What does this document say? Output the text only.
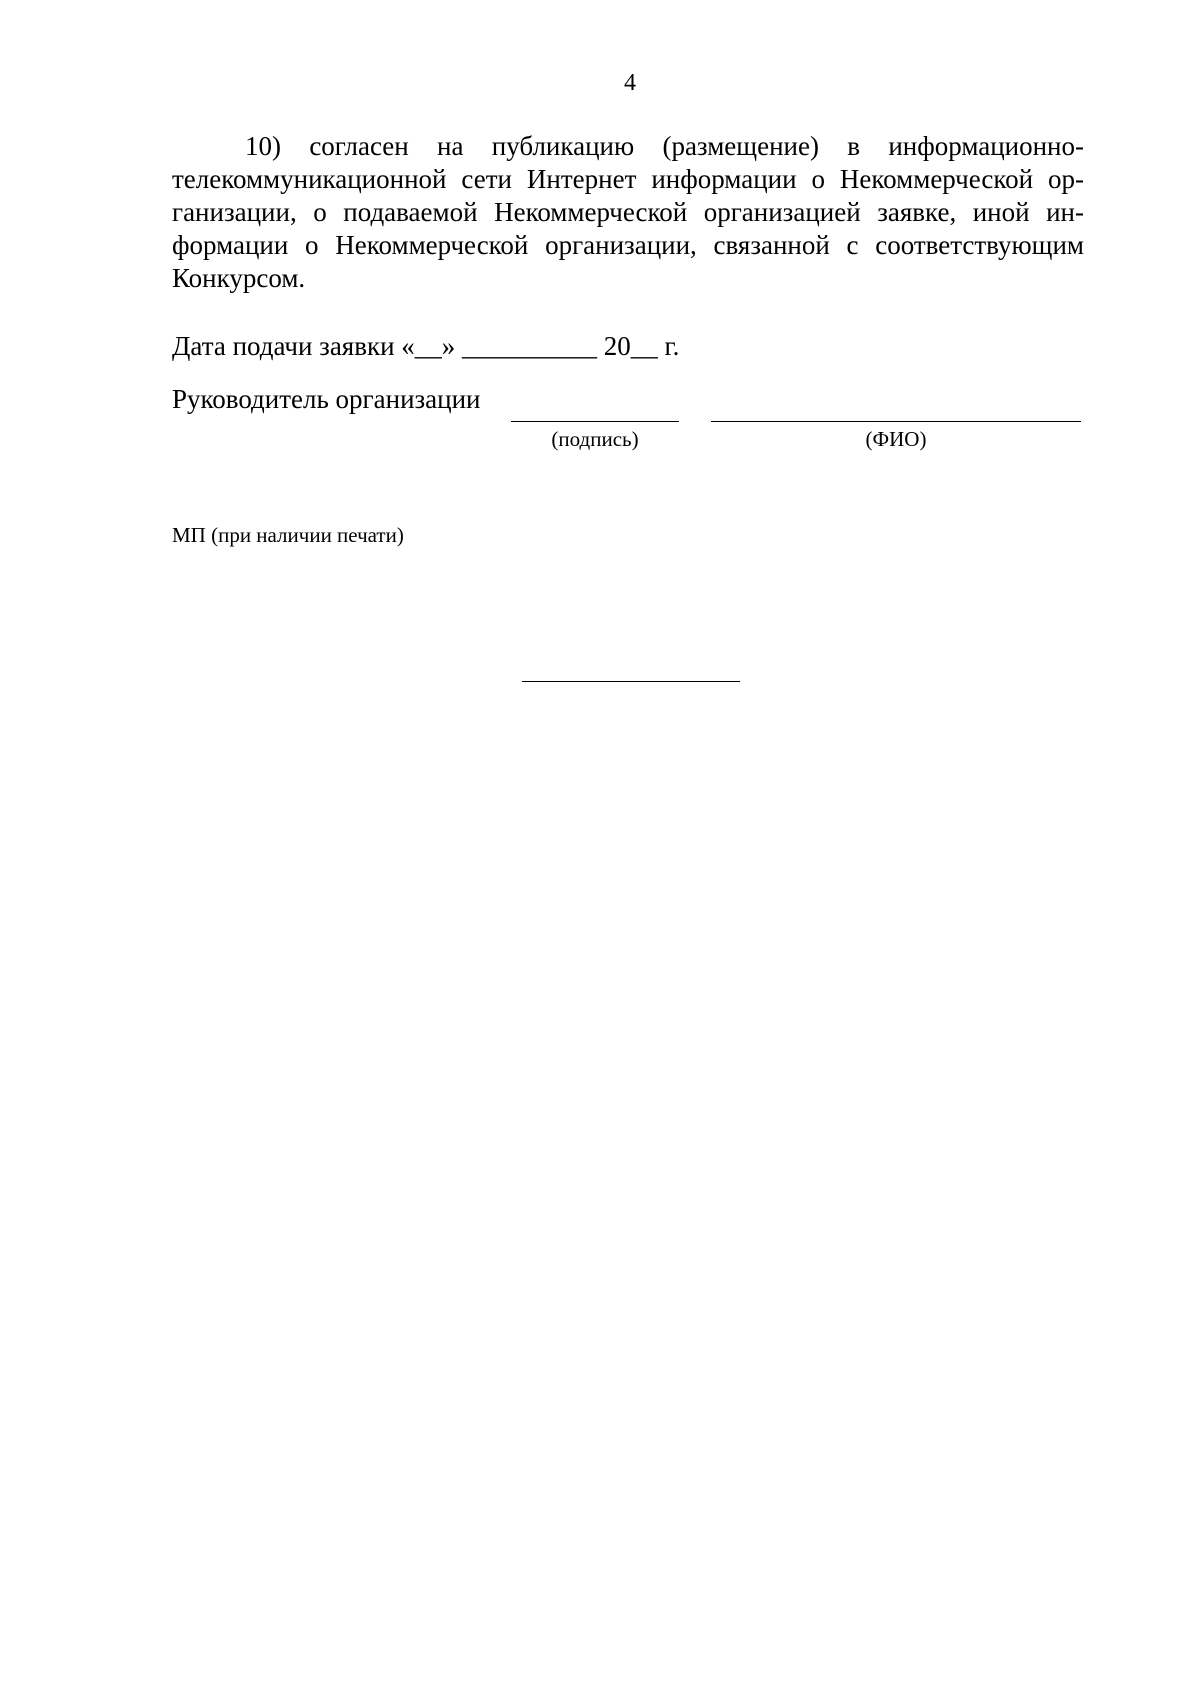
4
10) согласен на публикацию (размещение) в информационно-
телекоммуникационной сети Интернет информации о Некоммерческой ор-
ганизации, о подаваемой Некоммерческой организацией заявке, иной ин-
формации о Некоммерческой организации, связанной с соответствующим
Конкурсом.
Дата подачи заявки «__» __________ 20__ г.
Руководитель организации
(подпись)	(ФИО)
МП (при наличии печати)
